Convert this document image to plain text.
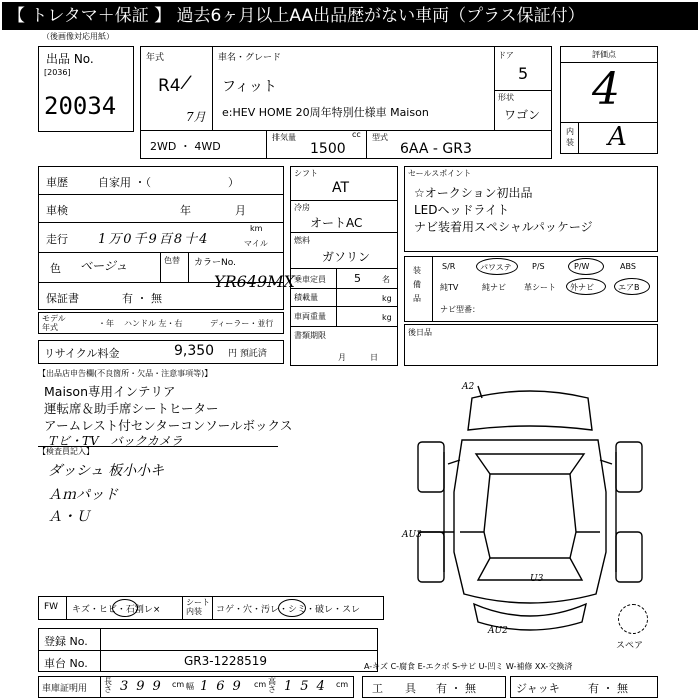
【 トレタマ＋保証 】 過去6ヶ月以上AA出品歴がない車両（プラス保証付）
（後画像対応用紙）
出品 No.
[2036]
20034
年式
R4 /
7月
車名・グレード
フィット
e:HEV HOME 20周年特別仕様車 Maison
ドア
5
形状
ワゴン
2WD ・ 4WD
排気量	cc
1500
型式
6AA - GR3
評価点
4
内装 A
車歴	自家用 ・（　　　　　　　）
車検	年　　　　月
走行 1万0千9百8十4
km
マイル
色 ベージュ	色替 カラーNo.
YR649MX
保証書	有 ・ 無
モデル年式	・年 ハンドル 左・右	ディーラー・並行
リサイクル料金	9,350 円 預託済
シフト
AT
冷房
オートAC
燃料
ガソリン
乗車定員	5	名
積載量	kg
車両重量	kg
書類期限
月　　　日
セールスポイント
☆オークション初出品
LEDヘッドライト
ナビ装着用スペシャルパッケージ
装備品
S/R	パワステ	P/S	P/W	ABS
純TV	純ナビ 革シート 外ナビ	エアB
ナビ型番：
後日品
【出品店申告欄(不良箇所・欠品・注意事項等)】
Maison専用インテリア
運転席＆助手席シートヒーター
アームレスト付センターコンソールボックス
Ｔビ・TV　バックカメラ
【検査員記入】
ダッシュ 板小小キ
Ａｍパッド
Ａ・Ｕ
A2
AU3
U3
AU2
スペア
FW キズ・ヒビ・石割レ×
シート内装	コゲ・穴・汚レ・シミ・破レ・スレ
登録 No.
車台 No.	GR3-1228519	A-キズ C-腐食 E-エクボ S-サビ U-凹ミ W-補修 XX-交換済
車庫証明用
長さ 399 cm 幅 169 cm 高さ 154 cm 工　　具 有 ・ 無	ジャッキ	有 ・ 無
